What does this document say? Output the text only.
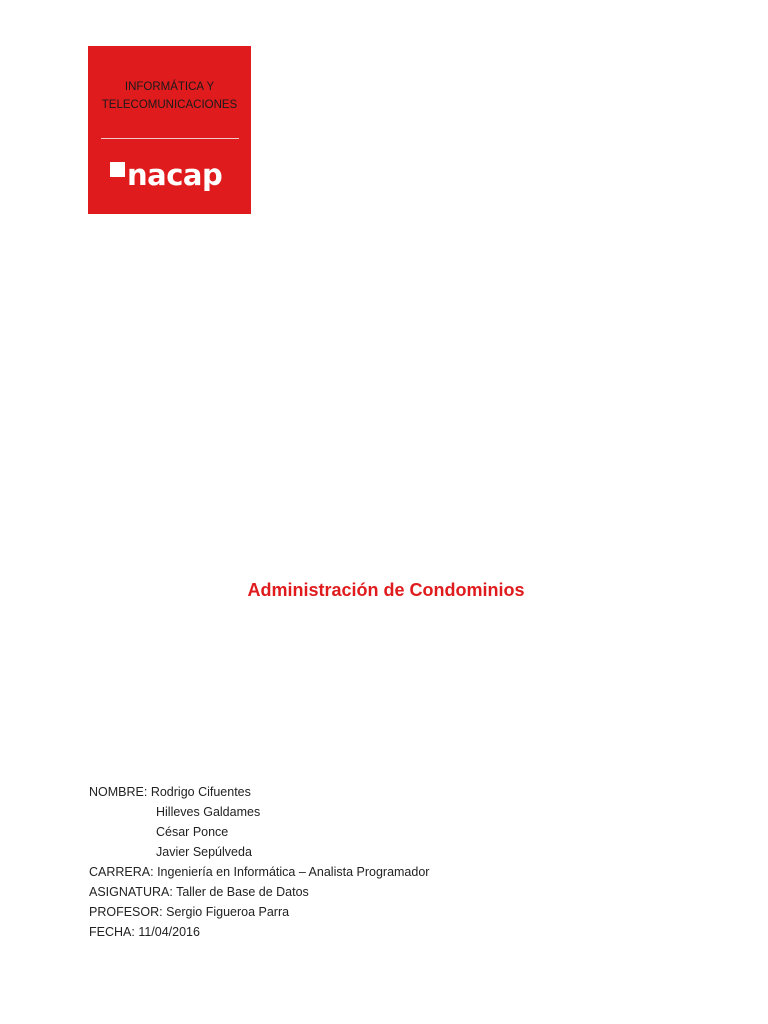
INFORMÁTICA Y
TELECOMUNICACIONES
nacap
Administración de Condominios
NOMBRE: Rodrigo Cifuentes
Hilleves Galdames
César Ponce
Javier Sepúlveda
CARRERA: Ingeniería en Informática – Analista Programador
ASIGNATURA: Taller de Base de Datos
PROFESOR: Sergio Figueroa Parra
FECHA: 11/04/2016
